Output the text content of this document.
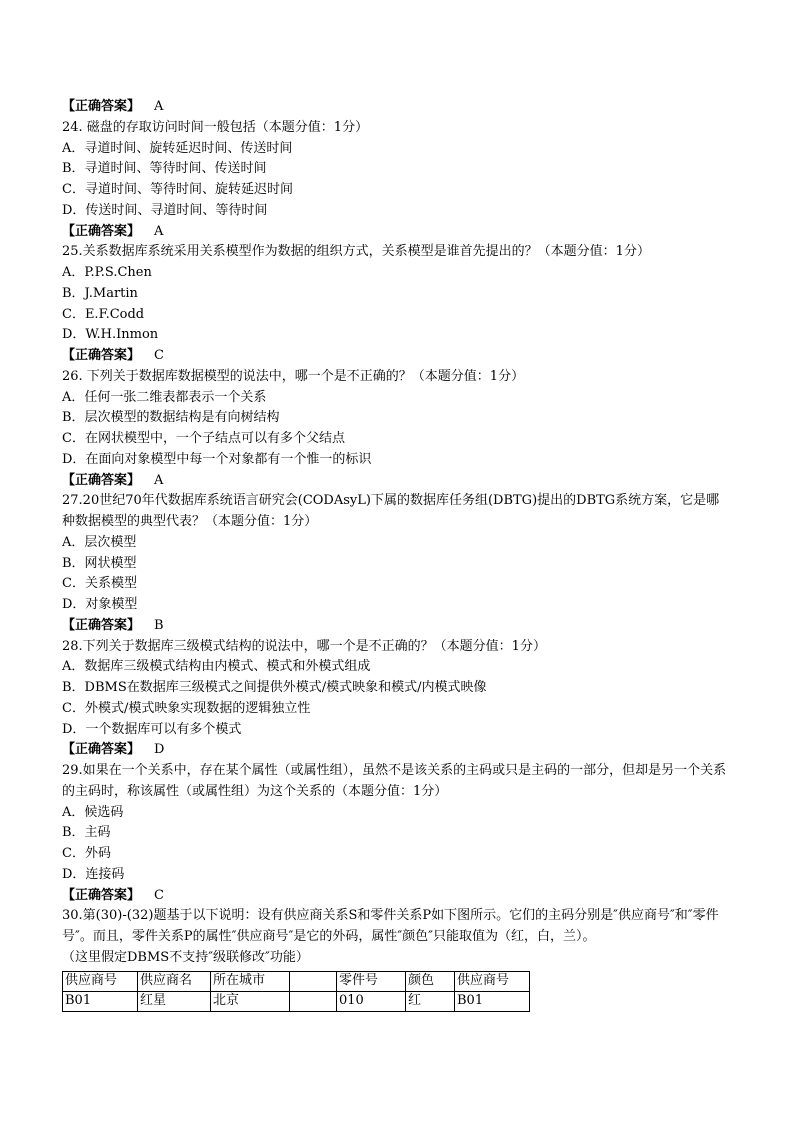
【正确答案】 A
24. 磁盘的存取访问时间一般包括（本题分值：1分）
A．寻道时间、旋转延迟时间、传送时间
B．寻道时间、等待时间、传送时间
C．寻道时间、等待时间、旋转延迟时间
D．传送时间、寻道时间、等待时间
【正确答案】 A
25.关系数据库系统采用关系模型作为数据的组织方式，关系模型是谁首先提出的？（本题分值：1分）
A．P.P.S.Chen
B．J.Martin
C．E.F.Codd
D．W.H.Inmon
【正确答案】 C
26. 下列关于数据库数据模型的说法中，哪一个是不正确的？（本题分值：1分）
A．任何一张二维表都表示一个关系
B．层次模型的数据结构是有向树结构
C．在网状模型中，一个子结点可以有多个父结点
D．在面向对象模型中每一个对象都有一个惟一的标识
【正确答案】 A
27.20世纪70年代数据库系统语言研究会(CODAsyL)下属的数据库任务组(DBTG)提出的DBTG系统方案，它是哪种数据模型的典型代表？（本题分值：1分）
A．层次模型
B．网状模型
C．关系模型
D．对象模型
【正确答案】 B
28.下列关于数据库三级模式结构的说法中，哪一个是不正确的？（本题分值：1分）
A．数据库三级模式结构由内模式、模式和外模式组成
B．DBMS在数据库三级模式之间提供外模式/模式映象和模式/内模式映像
C．外模式/模式映象实现数据的逻辑独立性
D．一个数据库可以有多个模式
【正确答案】 D
29.如果在一个关系中，存在某个属性（或属性组），虽然不是该关系的主码或只是主码的一部分，但却是另一个关系的主码时，称该属性（或属性组）为这个关系的（本题分值：1分）
A．候选码
B．主码
C．外码
D．连接码
【正确答案】 C
30.第(30)-(32)题基于以下说明：设有供应商关系S和零件关系P如下图所示。它们的主码分别是″供应商号″和″零件号″。而且，零件关系P的属性″供应商号″是它的外码，属性″颜色″只能取值为（红，白，兰）。
（这里假定DBMS不支持″级联修改″功能）
供应商号	供应商名	所在城市		零件号	颜色	供应商号
B01	红星	北京		010	红	B01
